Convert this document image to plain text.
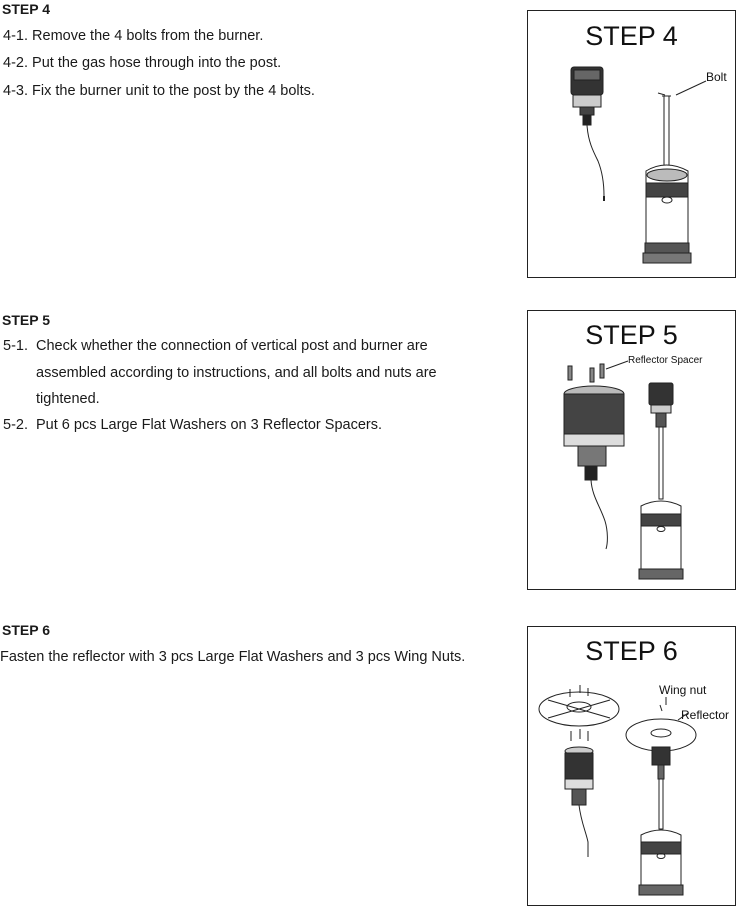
STEP 4
4-1. Remove the 4 bolts from the burner.
4-2. Put the gas hose through into the post.
4-3. Fix the burner unit to the post by the 4 bolts.
STEP 5
5-1. Check whether the connection of vertical post and burner are
assembled according to instructions, and all bolts and nuts are
tightened.
5-2. Put 6 pcs Large Flat Washers on 3 Reflector Spacers.
STEP 6
Fasten the reflector with 3 pcs Large Flat Washers and 3 pcs Wing Nuts.
STEP 4
Bolt
STEP 5
Reflector Spacer
STEP 6
Wing nut
Reflector
